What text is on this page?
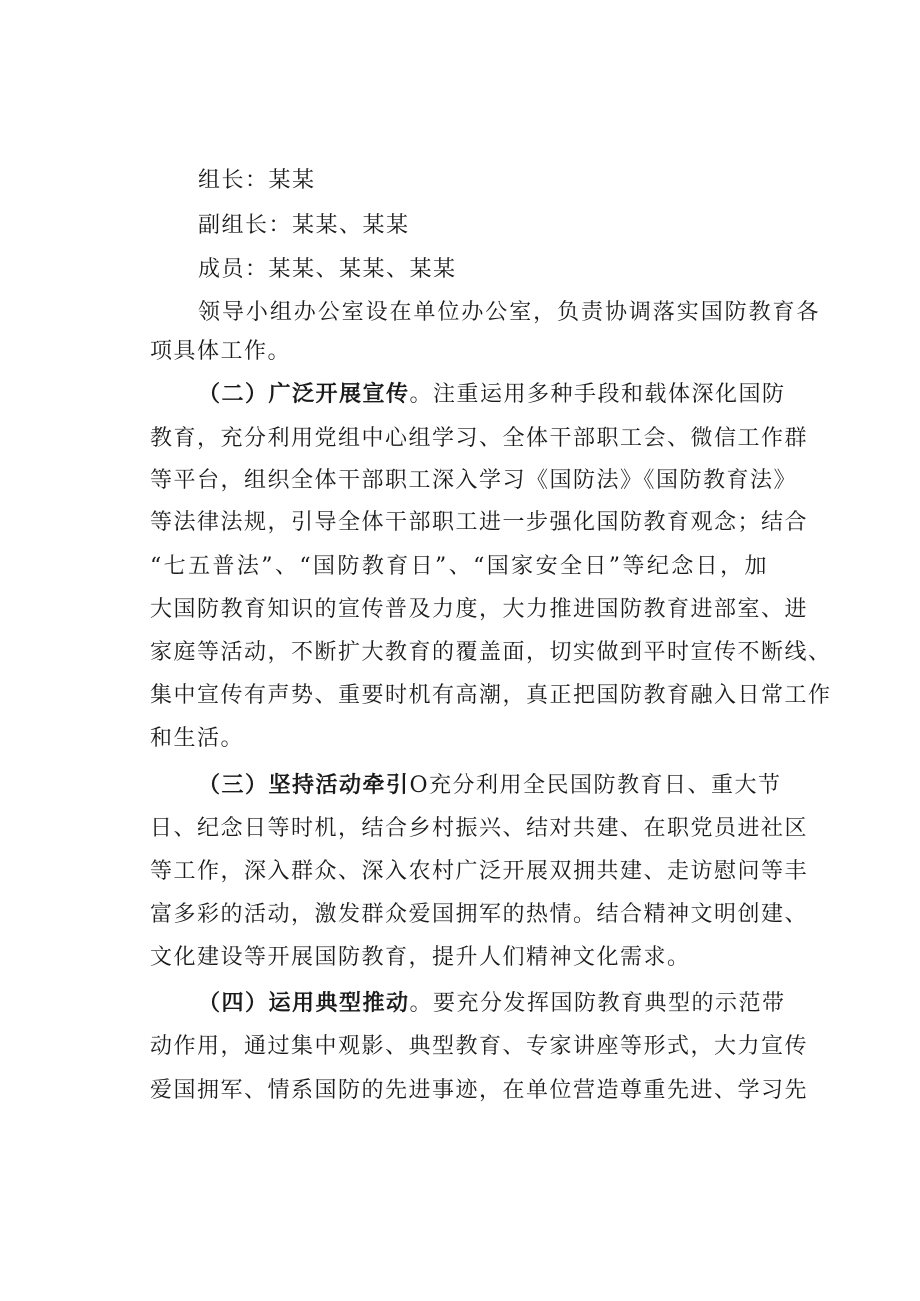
组长：某某
副组长：某某、某某
成员：某某、某某、某某
领导小组办公室设在单位办公室，负责协调落实国防教育各
项具体工作。
（二）广泛开展宣传。注重运用多种手段和载体深化国防
教育，充分利用党组中心组学习、全体干部职工会、微信工作群
等平台，组织全体干部职工深入学习《国防法》《国防教育法》
等法律法规，引导全体干部职工进一步强化国防教育观念；结合
“七五普法”、“国防教育日”、“国家安全日”等纪念日，加
大国防教育知识的宣传普及力度，大力推进国防教育进部室、进
家庭等活动，不断扩大教育的覆盖面，切实做到平时宣传不断线、
集中宣传有声势、重要时机有高潮，真正把国防教育融入日常工作
和生活。
（三）坚持活动牵引O充分利用全民国防教育日、重大节
日、纪念日等时机，结合乡村振兴、结对共建、在职党员进社区
等工作，深入群众、深入农村广泛开展双拥共建、走访慰问等丰
富多彩的活动，激发群众爱国拥军的热情。结合精神文明创建、
文化建设等开展国防教育，提升人们精神文化需求。
（四）运用典型推动。要充分发挥国防教育典型的示范带
动作用，通过集中观影、典型教育、专家讲座等形式，大力宣传
爱国拥军、情系国防的先进事迹，在单位营造尊重先进、学习先
